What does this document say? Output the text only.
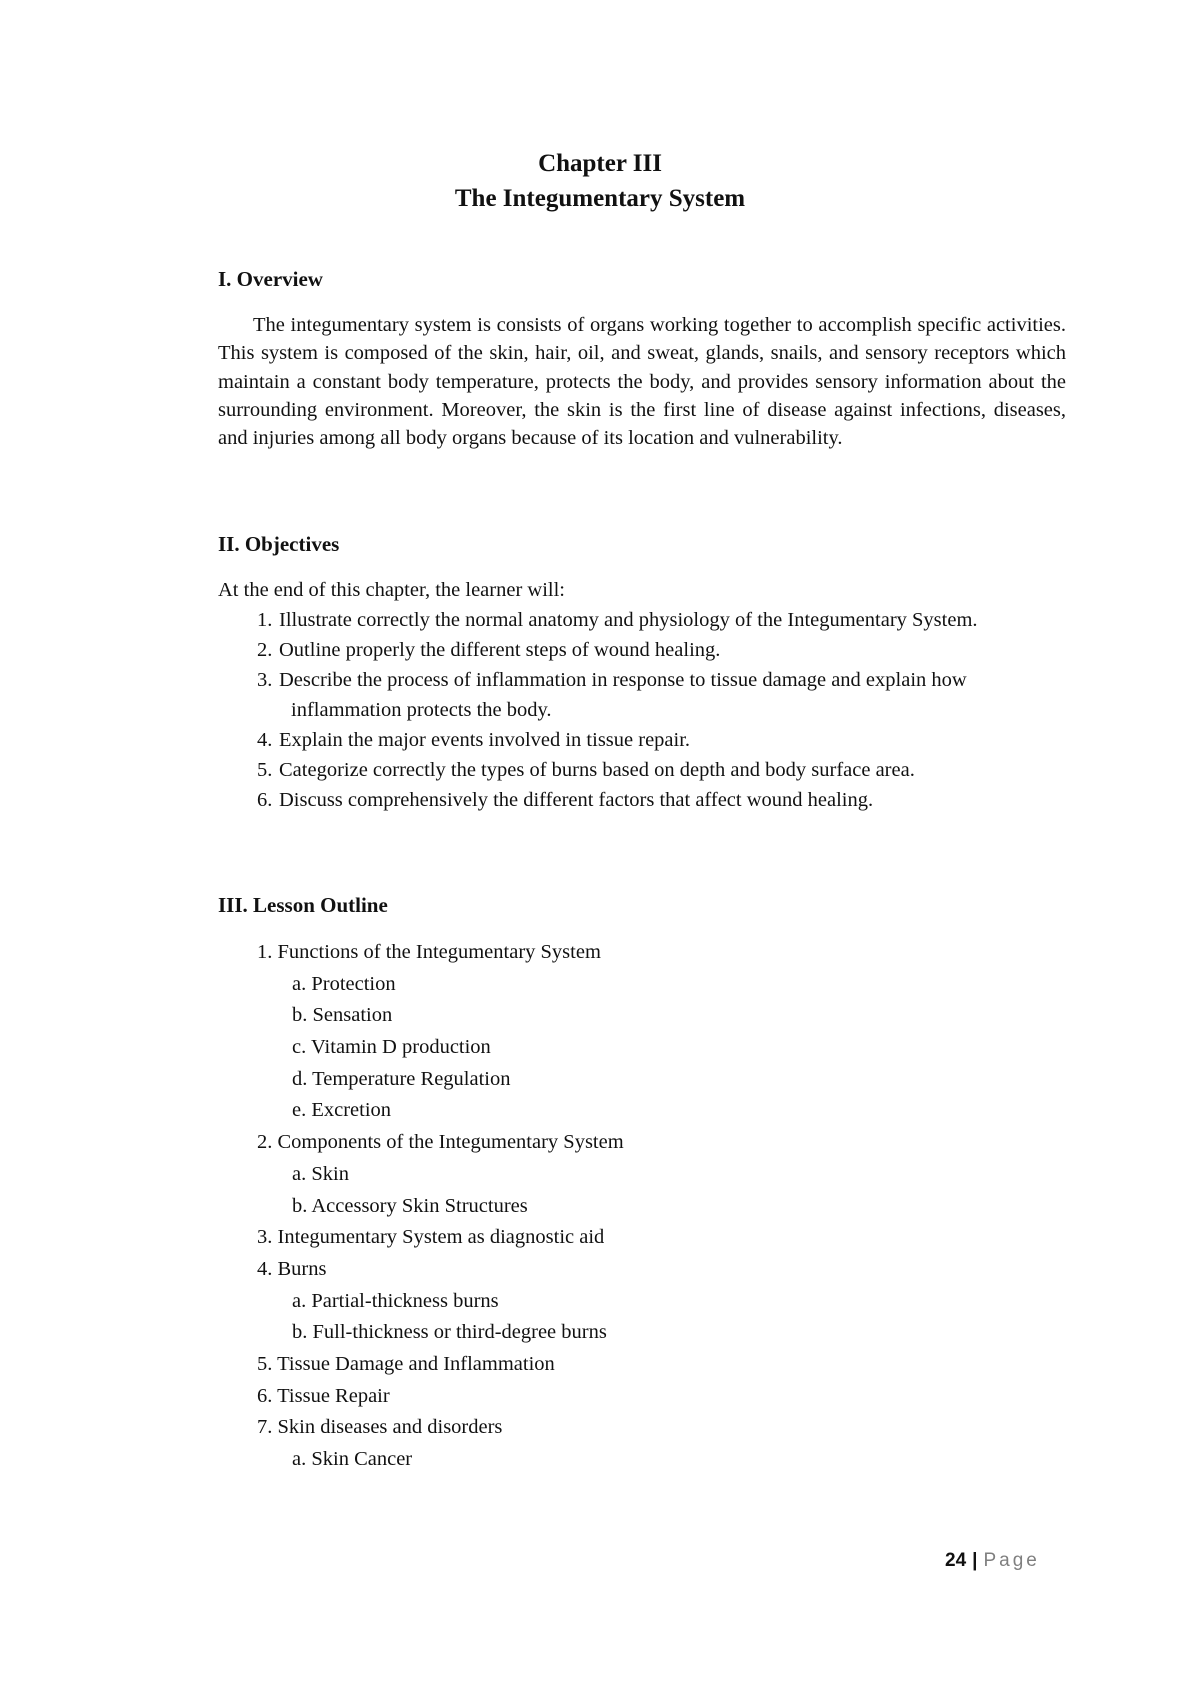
Chapter III
The Integumentary System
I. Overview
The integumentary system is consists of organs working together to accomplish specific activities. This system is composed of the skin, hair, oil, and sweat, glands, snails, and sensory receptors which maintain a constant body temperature, protects the body, and provides sensory information about the surrounding environment. Moreover, the skin is the first line of disease against infections, diseases, and injuries among all body organs because of its location and vulnerability.
II. Objectives
At the end of this chapter, the learner will:
1. Illustrate correctly the normal anatomy and physiology of the Integumentary System.
2. Outline properly the different steps of wound healing.
3. Describe the process of inflammation in response to tissue damage and explain how inflammation protects the body.
4. Explain the major events involved in tissue repair.
5. Categorize correctly the types of burns based on depth and body surface area.
6. Discuss comprehensively the different factors that affect wound healing.
III. Lesson Outline
1. Functions of the Integumentary System
a. Protection
b. Sensation
c. Vitamin D production
d. Temperature Regulation
e. Excretion
2. Components of the Integumentary System
a. Skin
b. Accessory Skin Structures
3. Integumentary System as diagnostic aid
4. Burns
a. Partial-thickness burns
b. Full-thickness or third-degree burns
5. Tissue Damage and Inflammation
6. Tissue Repair
7. Skin diseases and disorders
a. Skin Cancer
24 | Page
